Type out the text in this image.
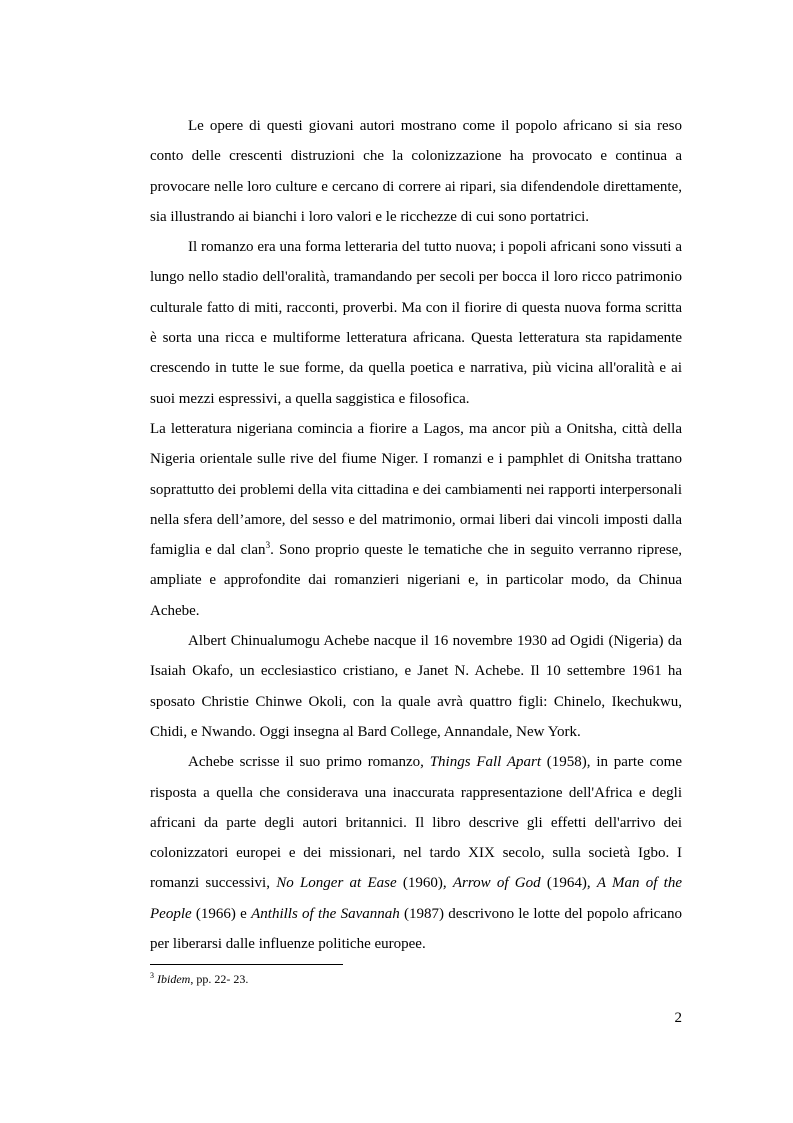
Le opere di questi giovani autori mostrano come il popolo africano si sia reso conto delle crescenti distruzioni che la colonizzazione ha provocato e continua a provocare nelle loro culture e cercano di correre ai ripari, sia difendendole direttamente, sia illustrando ai bianchi i loro valori e le ricchezze di cui sono portatrici.

Il romanzo era una forma letteraria del tutto nuova; i popoli africani sono vissuti a lungo nello stadio dell'oralità, tramandando per secoli per bocca il loro ricco patrimonio culturale fatto di miti, racconti, proverbi. Ma con il fiorire di questa nuova forma scritta è sorta una ricca e multiforme letteratura africana. Questa letteratura sta rapidamente crescendo in tutte le sue forme, da quella poetica e narrativa, più vicina all'oralità e ai suoi mezzi espressivi, a quella saggistica e filosofica.

La letteratura nigeriana comincia a fiorire a Lagos, ma ancor più a Onitsha, città della Nigeria orientale sulle rive del fiume Niger. I romanzi e i pamphlet di Onitsha trattano soprattutto dei problemi della vita cittadina e dei cambiamenti nei rapporti interpersonali nella sfera dell’amore, del sesso e del matrimonio, ormai liberi dai vincoli imposti dalla famiglia e dal clan$^3$. Sono proprio queste le tematiche che in seguito verranno riprese, ampliate e approfondite dai romanzieri nigeriani e, in particolar modo, da Chinua Achebe.

Albert Chinualumogu Achebe nacque il 16 novembre 1930 ad Ogidi (Nigeria) da Isaiah Okafo, un ecclesiastico cristiano, e Janet N. Achebe. Il 10 settembre 1961 ha sposato Christie Chinwe Okoli, con la quale avrà quattro figli: Chinelo, Ikechukwu, Chidi, e Nwando. Oggi insegna al Bard College, Annandale, New York.

Achebe scrisse il suo primo romanzo, Things Fall Apart (1958), in parte come risposta a quella che considerava una inaccurata rappresentazione dell'Africa e degli africani da parte degli autori britannici. Il libro descrive gli effetti dell'arrivo dei colonizzatori europei e dei missionari, nel tardo XIX secolo, sulla società Igbo. I romanzi successivi, No Longer at Ease (1960), Arrow of God (1964), A Man of the People (1966) e Anthills of the Savannah (1987) descrivono le lotte del popolo africano per liberarsi dalle influenze politiche europee.

$^3$ Ibidem, pp. 22- 23.
2
